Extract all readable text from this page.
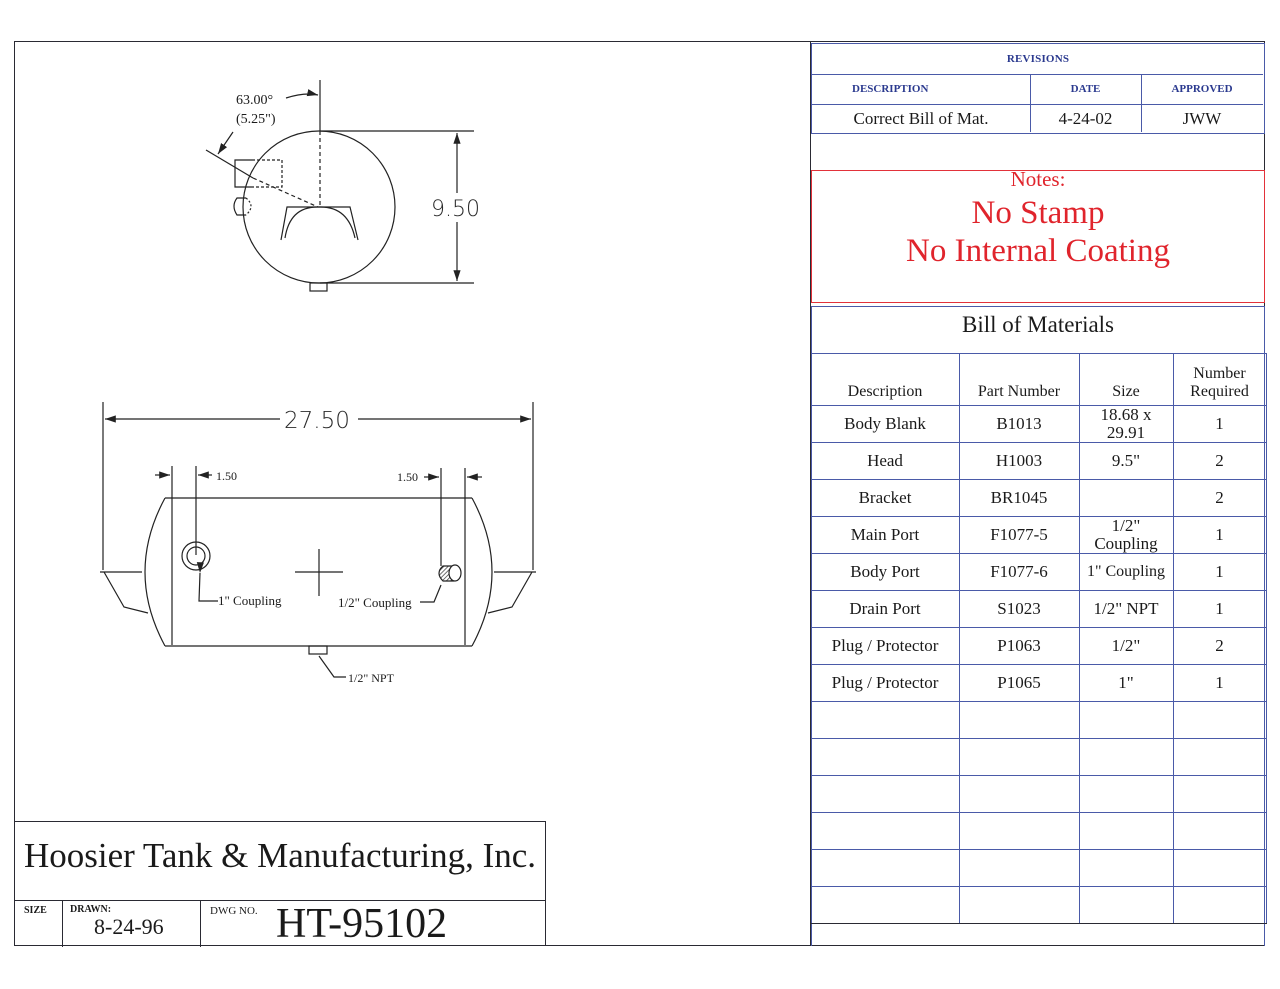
REVISIONS
DESCRIPTION	DATE	APPROVED
Correct Bill of Mat.	4-24-02	JWW
Notes:
No Stamp
No Internal Coating
Bill of Materials
Description	Part Number	Size	Number Required
Body Blank	B1013	18.68 x 29.91	1
Head	H1003	9.5"	2
Bracket	BR1045		2
Main Port	F1077-5	1/2" Coupling	1
Body Port	F1077-6	1" Coupling	1
Drain Port	S1023	1/2" NPT	1
Plug / Protector	P1063	1/2"	2
Plug / Protector	P1065	1"	1

Hoosier Tank & Manufacturing, Inc.
SIZE DRAWN:
8-24-96
DWG NO. HT-95102
63.00°
(5.25")
9.50
27.50
1.50	1.50
1" Coupling	1/2" Coupling
1/2" NPT
